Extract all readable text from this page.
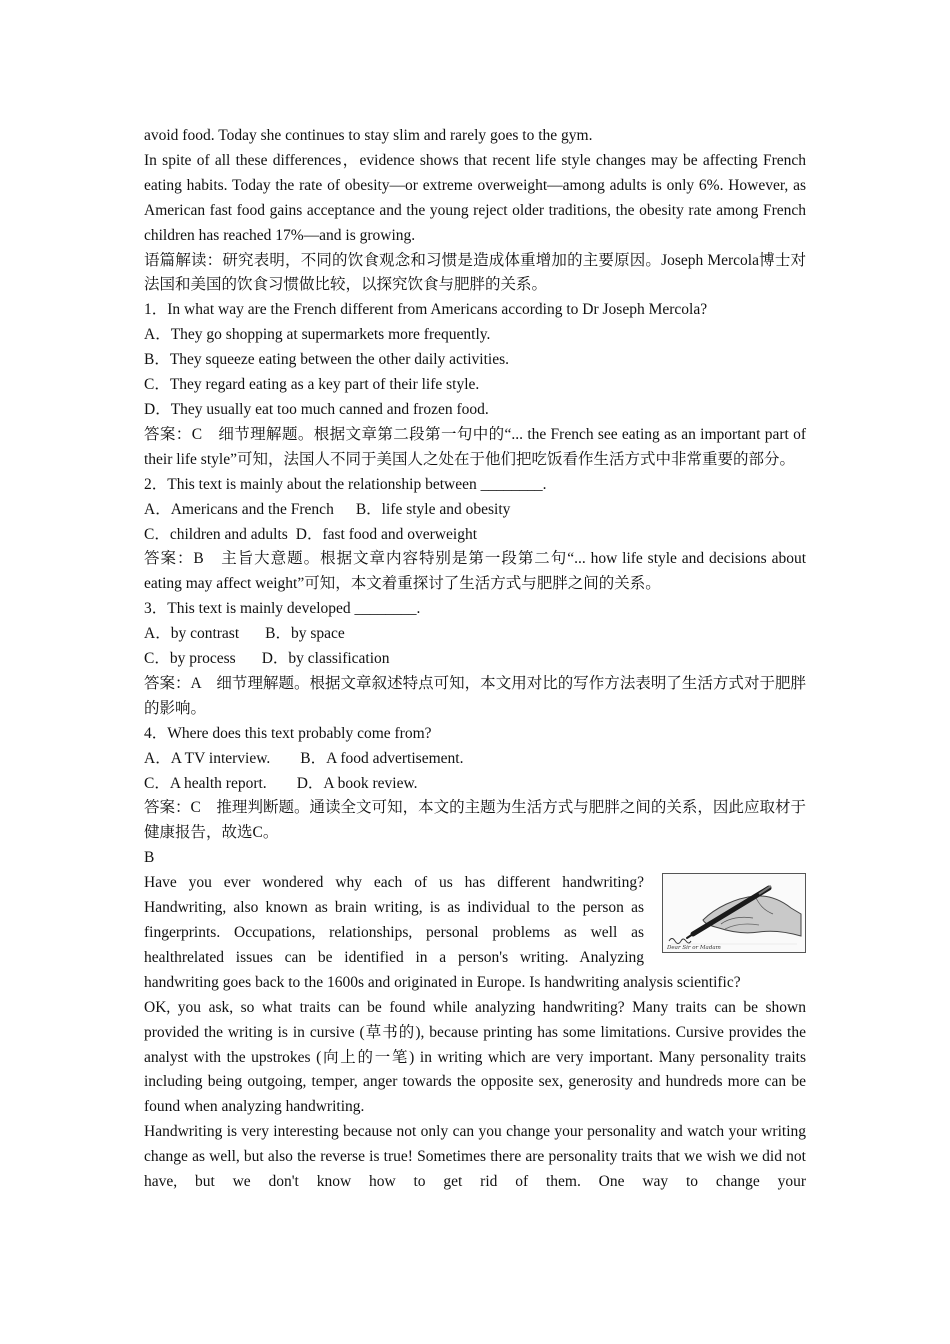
avoid food. Today she continues to stay slim and rarely goes to the gym.

In spite of all these differences，evidence shows that recent life style changes may be affecting French eating habits. Today the rate of obesity—or extreme overweight—among adults is only 6%. However, as American fast food gains acceptance and the young reject older traditions, the obesity rate among French children has reached 17%—and is growing.

语篇解读：研究表明，不同的饮食观念和习惯是造成体重增加的主要原因。Joseph Mercola博士对法国和美国的饮食习惯做比较，以探究饮食与肥胖的关系。

1．In what way are the French different from Americans according to Dr Joseph Mercola?

A．They go shopping at supermarkets more frequently.

B．They squeeze eating between the other daily activities.

C．They regard eating as a key part of their life style.

D．They usually eat too much canned and frozen food.

答案：C　细节理解题。根据文章第二段第一句中的“... the French see eating as an important part of their life style”可知，法国人不同于美国人之处在于他们把吃饭看作生活方式中非常重要的部分。

2．This text is mainly about the relationship between ________.

A．Americans and the French B．life style and obesity

C．children and adults D．fast food and overweight

答案：B　主旨大意题。根据文章内容特别是第一段第二句“... how life style and decisions about eating may affect weight”可知，本文着重探讨了生活方式与肥胖之间的关系。

3．This text is mainly developed ________.

A．by contrast B．by space

C．by process D．by classification

答案：A　细节理解题。根据文章叙述特点可知，本文用对比的写作方法表明了生活方式对于肥胖的影响。

4．Where does this text probably come from?

A．A TV interview. B．A food advertisement.

C．A health report. D．A book review.

答案：C　推理判断题。通读全文可知，本文的主题为生活方式与肥胖之间的关系，因此应取材于健康报告，故选C。

B

Dear Sir or Madam

Have you ever wondered why each of us has different handwriting? Handwriting, also known as brain writing, is as individual to the person as fingerprints. Occupations, relationships, personal problems as well as healthrelated issues can be identified in a person's writing. Analyzing handwriting goes back to the 1600s and originated in Europe. Is handwriting analysis scientific?

OK, you ask, so what traits can be found while analyzing handwriting? Many traits can be shown provided the writing is in cursive (草书的), because printing has some limitations. Cursive provides the analyst with the upstrokes (向上的一笔) in writing which are very important. Many personality traits including being outgoing, temper, anger towards the opposite sex, generosity and hundreds more can be found when analyzing handwriting.

Handwriting is very interesting because not only can you change your personality and watch your writing change as well, but also the reverse is true! Sometimes there are personality traits that we wish we did not have, but we don't know how to get rid of them. One way to change your
